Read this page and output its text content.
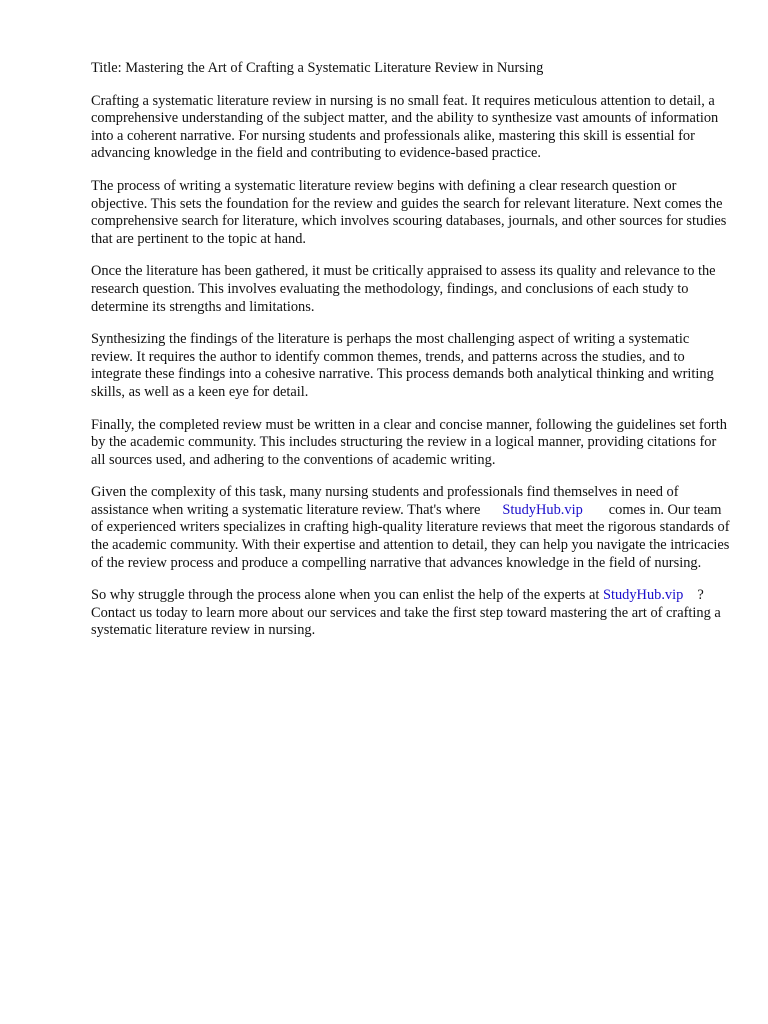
Title: Mastering the Art of Crafting a Systematic Literature Review in Nursing

Crafting a systematic literature review in nursing is no small feat. It requires meticulous attention to detail, a comprehensive understanding of the subject matter, and the ability to synthesize vast amounts of information into a coherent narrative. For nursing students and professionals alike, mastering this skill is essential for advancing knowledge in the field and contributing to evidence-based practice.

The process of writing a systematic literature review begins with defining a clear research question or objective. This sets the foundation for the review and guides the search for relevant literature. Next comes the comprehensive search for literature, which involves scouring databases, journals, and other sources for studies that are pertinent to the topic at hand.

Once the literature has been gathered, it must be critically appraised to assess its quality and relevance to the research question. This involves evaluating the methodology, findings, and conclusions of each study to determine its strengths and limitations.

Synthesizing the findings of the literature is perhaps the most challenging aspect of writing a systematic review. It requires the author to identify common themes, trends, and patterns across the studies, and to integrate these findings into a cohesive narrative. This process demands both analytical thinking and writing skills, as well as a keen eye for detail.

Finally, the completed review must be written in a clear and concise manner, following the guidelines set forth by the academic community. This includes structuring the review in a logical manner, providing citations for all sources used, and adhering to the conventions of academic writing.

Given the complexity of this task, many nursing students and professionals find themselves in need of assistance when writing a systematic literature review. That's where StudyHub.vip comes in. Our team of experienced writers specializes in crafting high-quality literature reviews that meet the rigorous standards of the academic community. With their expertise and attention to detail, they can help you navigate the intricacies of the review process and produce a compelling narrative that advances knowledge in the field of nursing.

So why struggle through the process alone when you can enlist the help of the experts at StudyHub.vip ? Contact us today to learn more about our services and take the first step toward mastering the art of crafting a systematic literature review in nursing.
